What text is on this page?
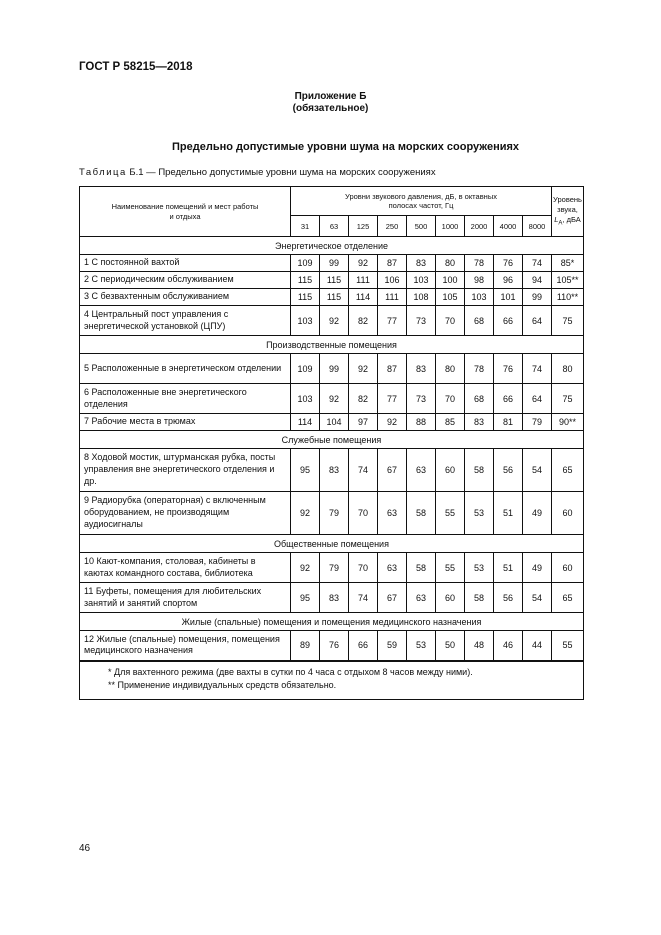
ГОСТ Р 58215—2018
Приложение Б
(обязательное)
Предельно допустимые уровни шума на морских сооружениях
Таблица Б.1 — Предельно допустимые уровни шума на морских сооружениях
Наименование помещений и мест работы и отдыха	Уровни звукового давления, дБ, в октавных полосах частот, Гц									Уровень звука,
$L_A$, дБА
	31	63	125	250	500	1000	2000	4000	8000	
Энергетическое отделение										
1 С постоянной вахтой	109	99	92	87	83	80	78	76	74	85*
2 С периодическим обслуживанием	115	115	111	106	103	100	98	96	94	105**
3 С безвахтенным обслуживанием	115	115	114	111	108	105	103	101	99	110**
4 Центральный пост управления с энергетической установкой (ЦПУ)	103	92	82	77	73	70	68	66	64	75
Производственные помещения										
5 Расположенные в энергетическом отделении	109	99	92	87	83	80	78	76	74	80
6 Расположенные вне энергетического отделения	103	92	82	77	73	70	68	66	64	75
7 Рабочие места в трюмах	114	104	97	92	88	85	83	81	79	90**
Служебные помещения										
8 Ходовой мостик, штурманская рубка, посты управления вне энергетического отделения и др.	95	83	74	67	63	60	58	56	54	65
9 Радиорубка (операторная) с включенным оборудованием, не производящим аудиосигналы	92	79	70	63	58	55	53	51	49	60
Общественные помещения										
10 Кают-компания, столовая, кабинеты в каютах командного состава, библиотека	92	79	70	63	58	55	53	51	49	60
11 Буфеты, помещения для любительских занятий и занятий спортом	95	83	74	67	63	60	58	56	54	65
Жилые (спальные) помещения и помещения медицинского назначения										
12 Жилые (спальные) помещения, помещения медицинского назначения	89	76	66	59	53	50	48	46	44	55

* Для вахтенного режима (две вахты в сутки по 4 часа с отдыхом 8 часов между ними).
** Применение индивидуальных средств обязательно.										
46
